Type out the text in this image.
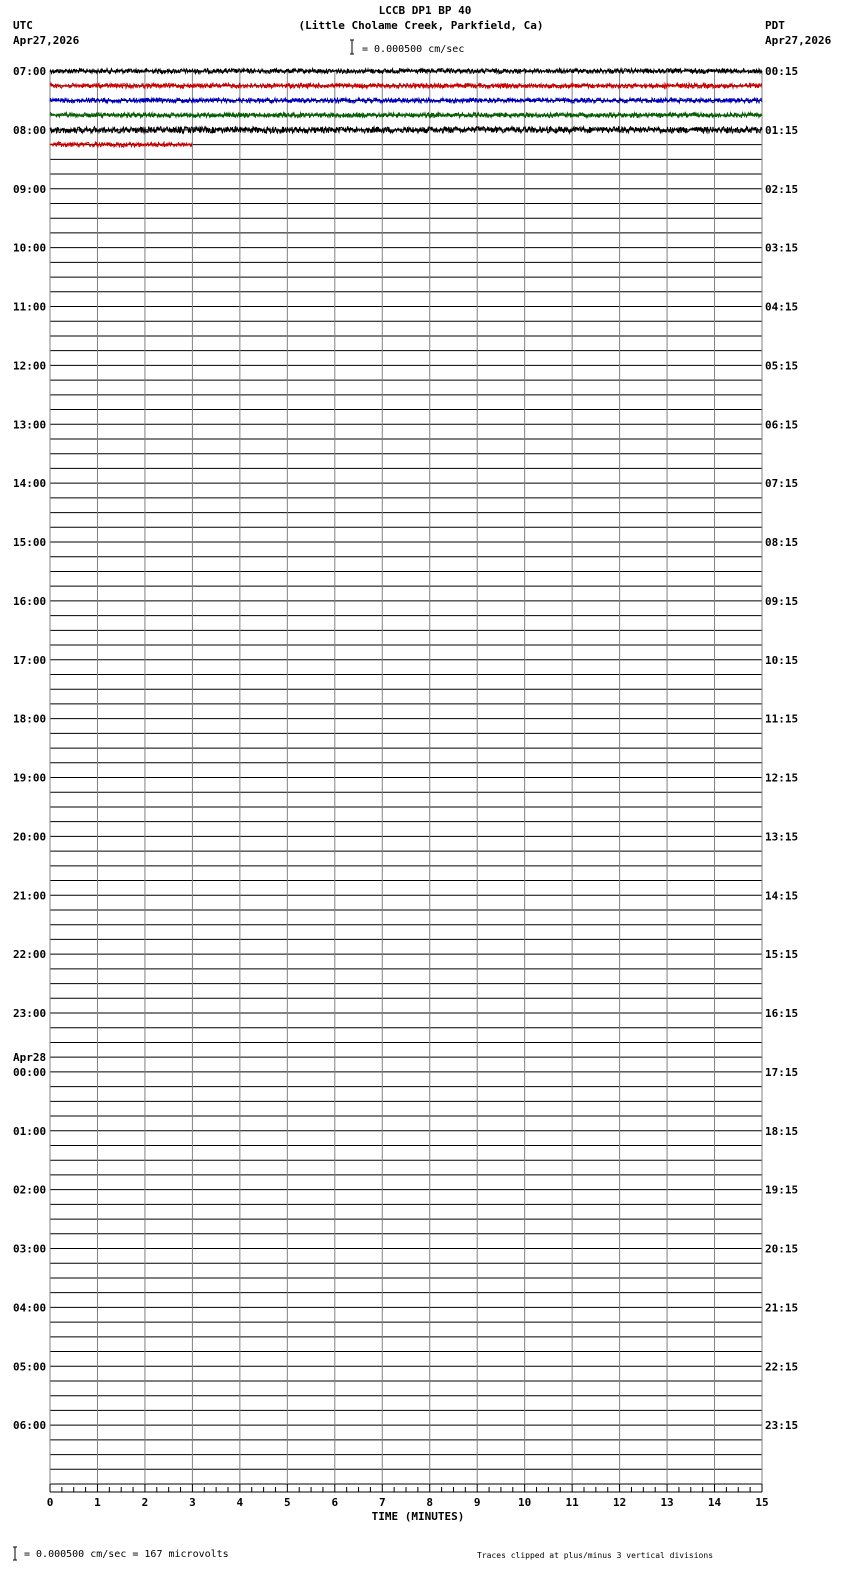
LCCB DP1 BP 40
(Little Cholame Creek, Parkfield, Ca)
UTC
Apr27,2026
PDT
Apr27,2026
= 0.000500 cm/sec
07:00
08:00
09:00
10:00
11:00
12:00
13:00
14:00
15:00
16:00
17:00
18:00
19:00
20:00
21:00
22:00
23:00
00:00
Apr28
01:00
02:00
03:00
04:00
05:00
06:00
00:15
01:15
02:15
03:15
04:15
05:15
06:15
07:15
08:15
09:15
10:15
11:15
12:15
13:15
14:15
15:15
16:15
17:15
18:15
19:15
20:15
21:15
22:15
23:15
0	1	2	3	4	5	6	7	8	9	10	11	12	13	14	15
TIME (MINUTES)
= 0.000500 cm/sec = 167 microvolts	Traces clipped at plus/minus 3 vertical divisions
